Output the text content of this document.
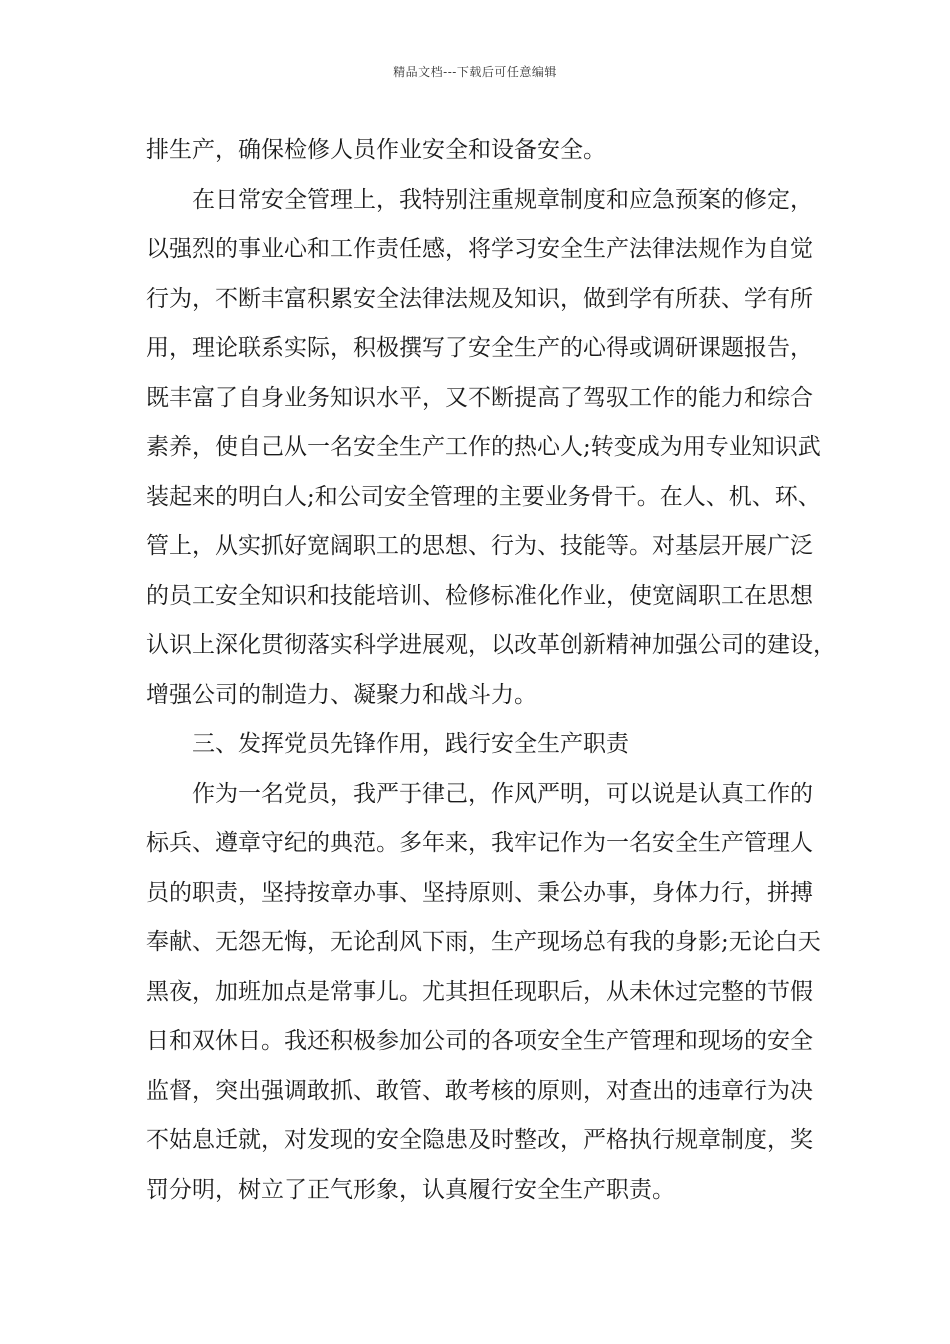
精品文档---下载后可任意编辑

排生产，确保检修人员作业安全和设备安全。

在日常安全管理上，我特别注重规章制度和应急预案的修定，
以强烈的事业心和工作责任感，将学习安全生产法律法规作为自觉
行为，不断丰富积累安全法律法规及知识，做到学有所获、学有所
用，理论联系实际，积极撰写了安全生产的心得或调研课题报告，
既丰富了自身业务知识水平，又不断提高了驾驭工作的能力和综合
素养，使自己从一名安全生产工作的热心人;转变成为用专业知识武
装起来的明白人;和公司安全管理的主要业务骨干。在人、机、环、
管上，从实抓好宽阔职工的思想、行为、技能等。对基层开展广泛
的员工安全知识和技能培训、检修标准化作业，使宽阔职工在思想
认识上深化贯彻落实科学进展观，以改革创新精神加强公司的建设，
增强公司的制造力、凝聚力和战斗力。

三、发挥党员先锋作用，践行安全生产职责

作为一名党员，我严于律己，作风严明，可以说是认真工作的
标兵、遵章守纪的典范。多年来，我牢记作为一名安全生产管理人
员的职责，坚持按章办事、坚持原则、秉公办事，身体力行，拼搏
奉献、无怨无悔，无论刮风下雨，生产现场总有我的身影;无论白天
黑夜，加班加点是常事儿。尤其担任现职后，从未休过完整的节假
日和双休日。我还积极参加公司的各项安全生产管理和现场的安全
监督，突出强调敢抓、敢管、敢考核的原则，对查出的违章行为决
不姑息迁就，对发现的安全隐患及时整改，严格执行规章制度，奖
罚分明，树立了正气形象，认真履行安全生产职责。
